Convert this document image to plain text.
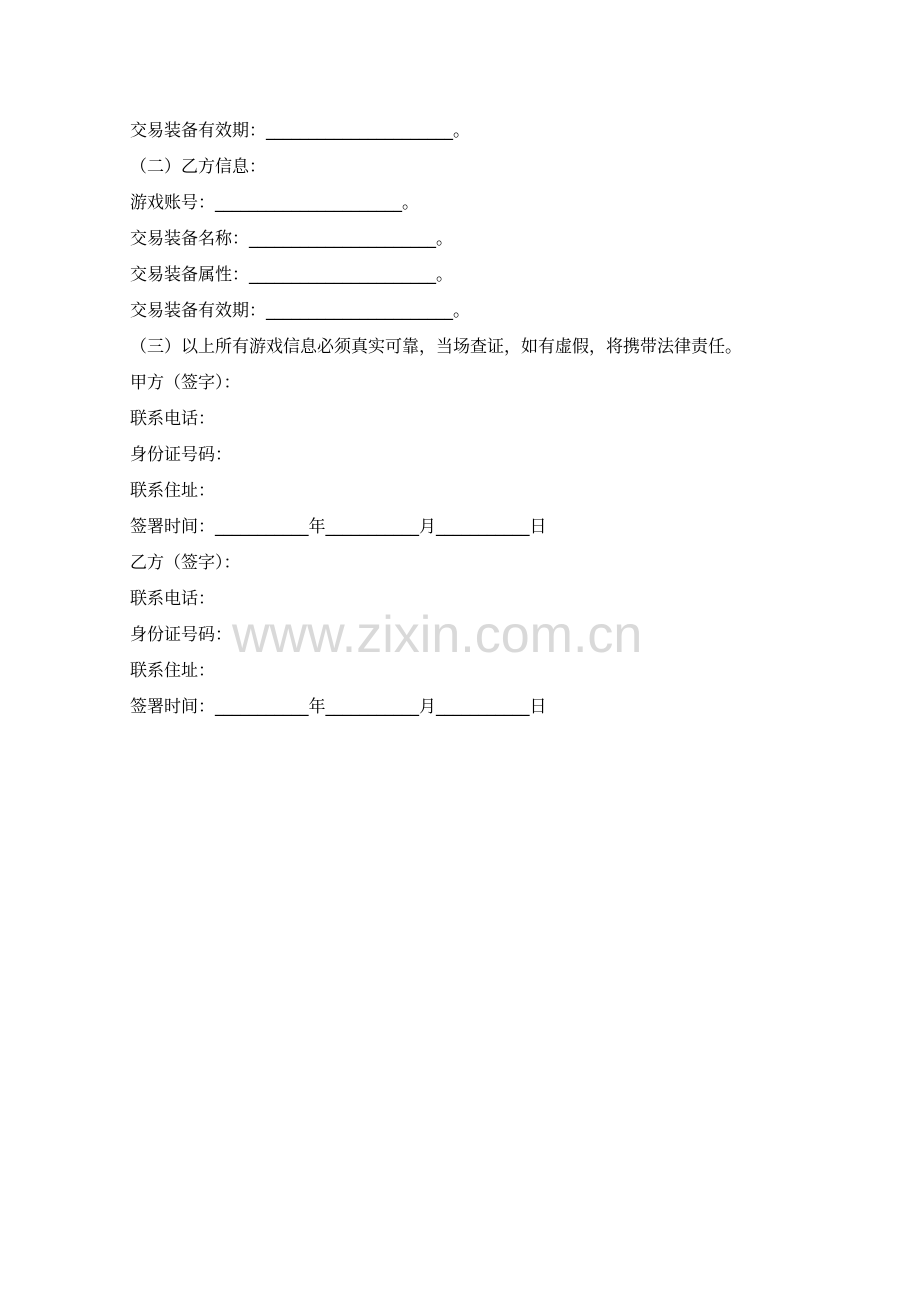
www.zixin.com.cn
交易装备有效期：______________________。
（二）乙方信息：
游戏账号：______________________。
交易装备名称：______________________。
交易装备属性：______________________。
交易装备有效期：______________________。
（三）以上所有游戏信息必须真实可靠，当场查证，如有虚假，将携带法律责任。
甲方（签字）：
联系电话：
身份证号码：
联系住址：
签署时间：___________年___________月___________日
乙方（签字）：
联系电话：
身份证号码：
联系住址：
签署时间：___________年___________月___________日
